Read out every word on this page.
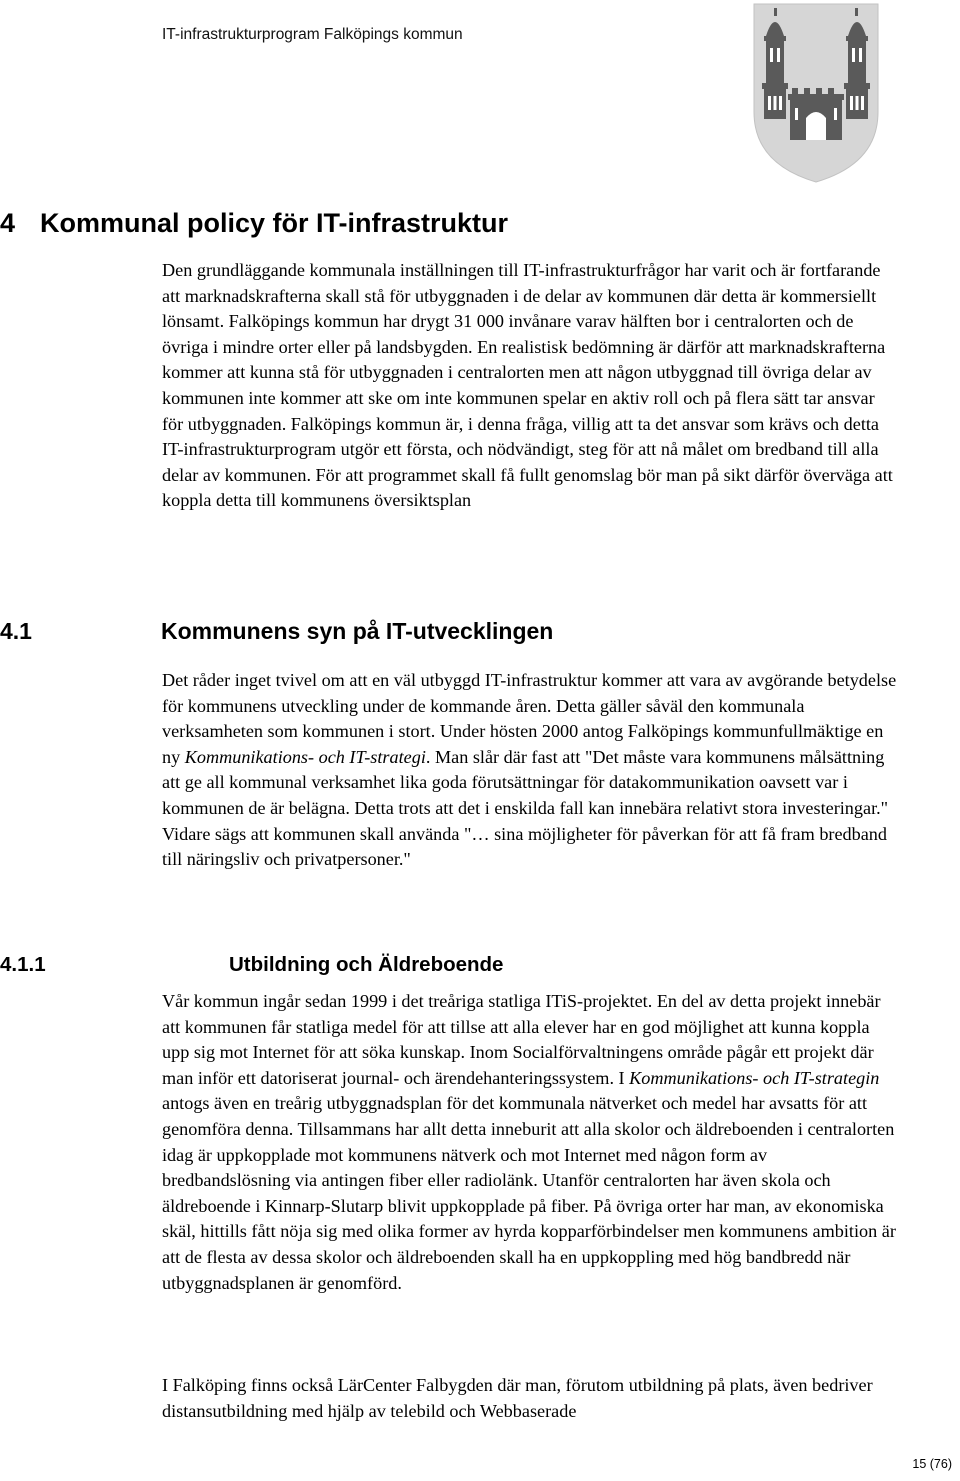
IT-infrastrukturprogram Falköpings kommun
4 Kommunal policy för IT-infrastruktur

Den grundläggande kommunala inställningen till IT-infrastrukturfrågor har varit och är fortfarande att marknadskrafterna skall stå för utbyggnaden i de delar av kommunen där detta är kommersiellt lönsamt. Falköpings kommun har drygt 31 000 invånare varav hälften bor i centralorten och de övriga i mindre orter eller på landsbygden. En realistisk bedömning är därför att marknadskrafterna kommer att kunna stå för utbyggnaden i centralorten men att någon utbyggnad till övriga delar av kommunen inte kommer att ske om inte kommunen spelar en aktiv roll och på flera sätt tar ansvar för utbyggnaden. Falköpings kommun är, i denna fråga, villig att ta det ansvar som krävs och detta IT-infrastrukturprogram utgör ett första, och nödvändigt, steg för att nå målet om bredband till alla delar av kommunen. För att programmet skall få fullt genomslag bör man på sikt därför överväga att koppla detta till kommunens översiktsplan

4.1	Kommunens syn på IT-utvecklingen

Det råder inget tvivel om att en väl utbyggd IT-infrastruktur kommer att vara av avgörande betydelse för kommunens utveckling under de kommande åren. Detta gäller såväl den kommunala verksamheten som kommunen i stort. Under hösten 2000 antog Falköpings kommunfullmäktige en ny Kommunikations- och IT-strategi. Man slår där fast att "Det måste vara kommunens målsättning att ge all kommunal verksamhet lika goda förutsättningar för datakommunikation oavsett var i kommunen de är belägna. Detta trots att det i enskilda fall kan innebära relativt stora investeringar." Vidare sägs att kommunen skall använda "… sina möjligheter för påverkan för att få fram bredband till näringsliv och privatpersoner."

4.1.1	Utbildning och Äldreboende

Vår kommun ingår sedan 1999 i det treåriga statliga ITiS-projektet. En del av detta projekt innebär att kommunen får statliga medel för att tillse att alla elever har en god möjlighet att kunna koppla upp sig mot Internet för att söka kunskap. Inom Socialförvaltningens område pågår ett projekt där man inför ett datoriserat journal- och ärendehanteringssystem. I Kommunikations- och IT-strategin antogs även en treårig utbyggnadsplan för det kommunala nätverket och medel har avsatts för att genomföra denna. Tillsammans har allt detta inneburit att alla skolor och äldreboenden i centralorten idag är uppkopplade mot kommunens nätverk och mot Internet med någon form av bredbandslösning via antingen fiber eller radiolänk. Utanför centralorten har även skola och äldreboende i Kinnarp-Slutarp blivit uppkopplade på fiber. På övriga orter har man, av ekonomiska skäl, hittills fått nöja sig med olika former av hyrda kopparförbindelser men kommunens ambition är att de flesta av dessa skolor och äldreboenden skall ha en uppkoppling med hög bandbredd när utbyggnadsplanen är genomförd.

I Falköping finns också LärCenter Falbygden där man, förutom utbildning på plats, även bedriver distansutbildning med hjälp av telebild och Webbaserade

15 (76)
